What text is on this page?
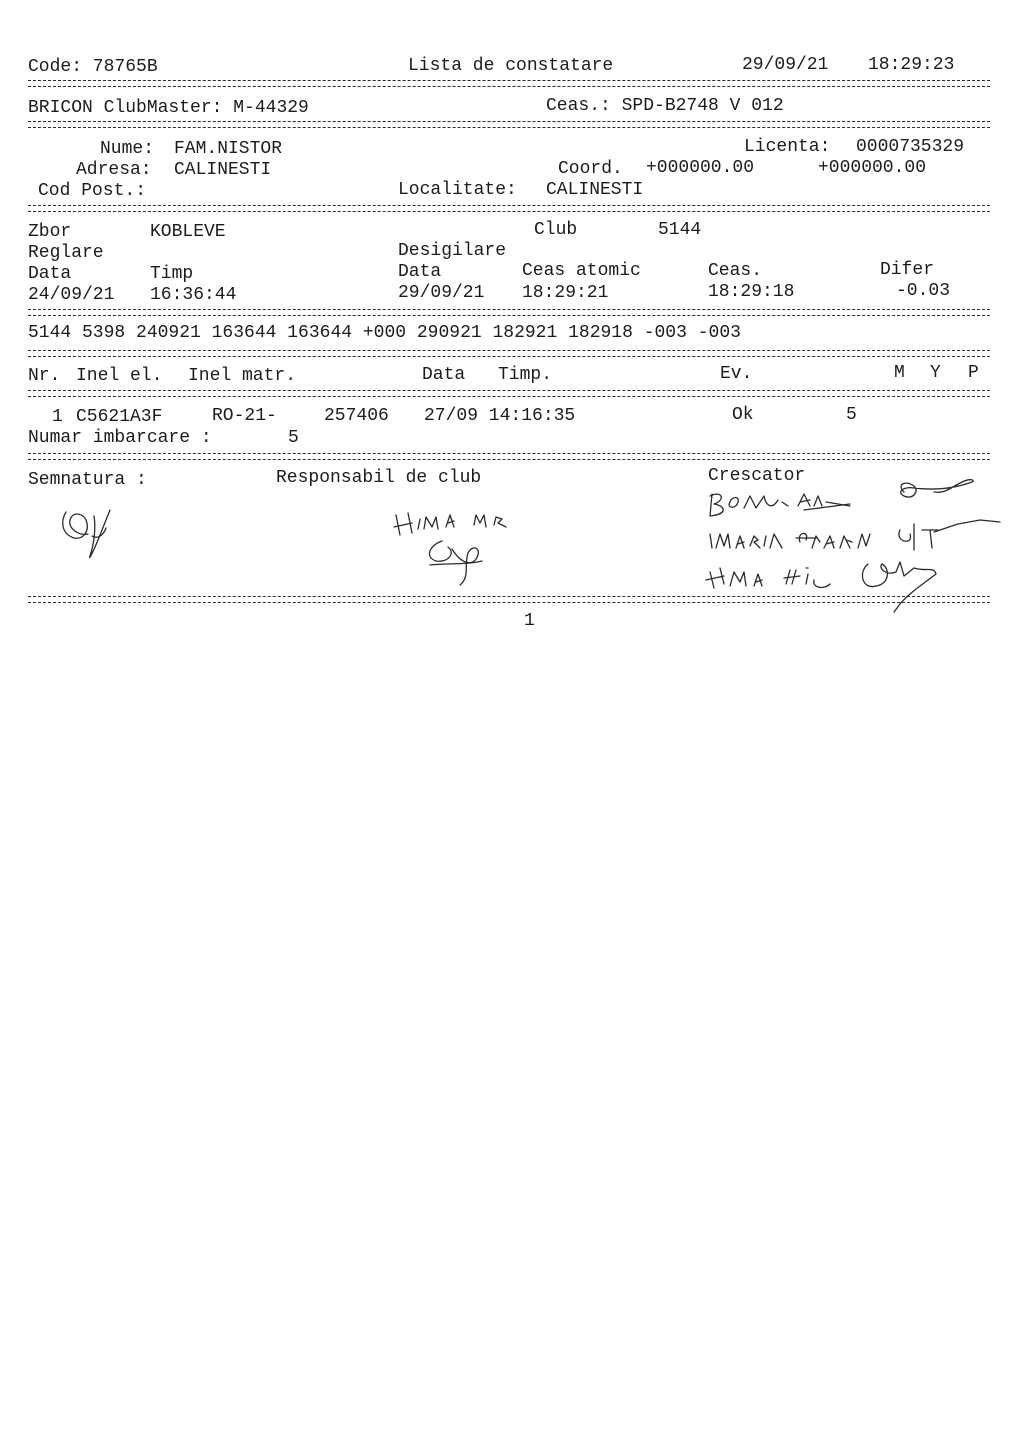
Code: 78765B	Lista de constatare	29/09/21 18:29:23
BRICON ClubMaster: M-44329	Ceas.: SPD-B2748 V 012
Nume: FAM.NISTOR	Licenta: 0000735329
Adresa: CALINESTI	Coord. +000000.00	+000000.00
Cod Post.:	Localitate: CALINESTI
Zbor	KOBLEVE	Club	5144
Reglare	Desigilare
Data	Timp	Data	Ceas atomic	Ceas.	Difer
24/09/21 16:36:44	29/09/21 18:29:21	18:29:18	-0.03
5144 5398 240921 163644 163644 +000 290921 182921 182918 -003 -003
Nr. Inel el. Inel matr.	Data Timp.	Ev.	M Y P
1 C5621A3F	RO-21-	257406 27/09 14:16:35	Ok	5
Numar imbarcare :	5
Semnatura :	Responsabil de club	Crescator
1
